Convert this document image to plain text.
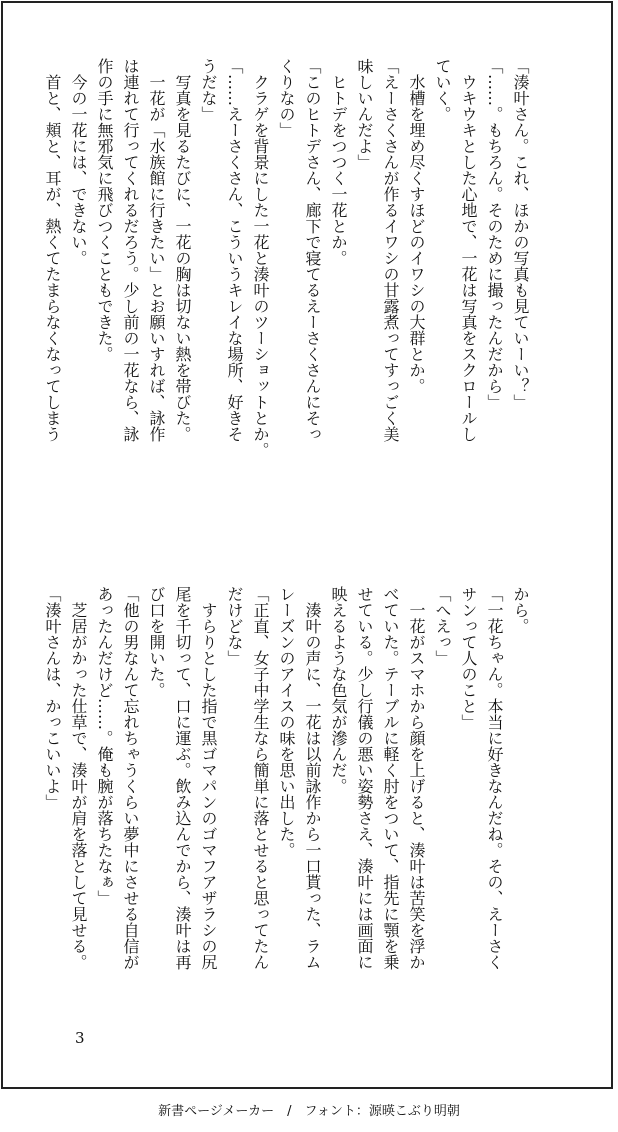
「湊叶さん。これ、ほかの写真も見ていーい？」
「……。もちろん。そのために撮ったんだから」
　ウキウキとした心地で、一花は写真をスクロールし
ていく。
　水槽を埋め尽くすほどのイワシの大群とか。
「えーさくさんが作るイワシの甘露煮ってすっごく美
味しいんだよ」
　ヒトデをつつく一花とか。
「このヒトデさん、廊下で寝てるえーさくさんにそっ
くりなの」
　クラゲを背景にした一花と湊叶のツーショットとか。
「……えーさくさん、こういうキレイな場所、好きそ
うだな」
　写真を見るたびに、一花の胸は切ない熱を帯びた。
　一花が「水族館に行きたい」とお願いすれば、詠作
は連れて行ってくれるだろう。少し前の一花なら、詠
作の手に無邪気に飛びつくこともできた。
　今の一花には、できない。
　首と、頬と、耳が、熱くてたまらなくなってしまう
から。
「一花ちゃん。本当に好きなんだね。その、えーさく
サンって人のこと」
「へえっ」
　一花がスマホから顔を上げると、湊叶は苦笑を浮か
べていた。テーブルに軽く肘をついて、指先に顎を乗
せている。少し行儀の悪い姿勢さえ、湊叶には画面に
映えるような色気が滲んだ。
　湊叶の声に、一花は以前詠作から一口貰った、ラム
レーズンのアイスの味を思い出した。
「正直、女子中学生なら簡単に落とせると思ってたん
だけどな」
　すらりとした指で黒ゴマパンのゴマフアザラシの尻
尾を千切って、口に運ぶ。飲み込んでから、湊叶は再
び口を開いた。
「他の男なんて忘れちゃうくらい夢中にさせる自信が
あったんだけど……。俺も腕が落ちたなぁ」
　芝居がかった仕草で、湊叶が肩を落として見せる。
「湊叶さんは、かっこいいよ」
3
新書ページメーカー　/　フォント：源暎こぶり明朝
